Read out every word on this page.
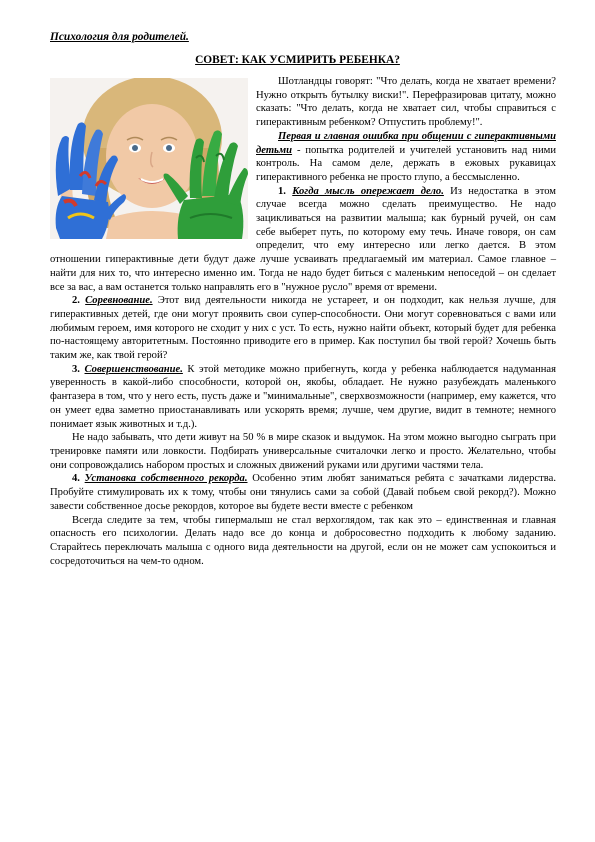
Психология для родителей.

СОВЕТ: КАК УСМИРИТЬ РЕБЕНКА?

Шотландцы говорят: "Что делать, когда не хватает времени? Нужно открыть бутылку виски!". Перефразировав цитату, можно сказать: "Что делать, когда не хватает сил, чтобы справиться с гиперактивным ребенком? Отпустить проблему!".

Первая и главная ошибка при общении с гиперактивными детьми - попытка родителей и учителей установить над ними контроль. На самом деле, держать в ежовых рукавицах гиперактивного ребенка не просто глупо, а бессмысленно.

1. Когда мысль опережает дело. Из недостатка в этом случае всегда можно сделать преимущество. Не надо зацикливаться на развитии малыша; как бурный ручей, он сам себе выберет путь, по которому ему течь. Иначе говоря, он сам определит, что ему интересно или легко дается. В этом отношении гиперактивные дети будут даже лучше усваивать предлагаемый им материал. Самое главное – найти для них то, что интересно именно им. Тогда не надо будет биться с маленьким непоседой – он сделает все за вас, а вам останется только направлять его в "нужное русло" время от времени.

2. Соревнование. Этот вид деятельности никогда не устареет, и он подходит, как нельзя лучше, для гиперактивных детей, где они могут проявить свои супер-способности. Они могут соревноваться с вами или любимым героем, имя которого не сходит у них с уст. То есть, нужно найти объект, который будет для ребенка по-настоящему авторитетным. Постоянно приводите его в пример. Как поступил бы твой герой? Хочешь быть таким же, как твой герой?

3. Совершенствование. К этой методике можно прибегнуть, когда у ребенка наблюдается надуманная уверенность в какой-либо способности, которой он, якобы, обладает. Не нужно разубеждать маленького фантазера в том, что у него есть, пусть даже и "минимальные", сверхвозможности (например, ему кажется, что он умеет едва заметно приостанавливать или ускорять время; лучше, чем другие, видит в темноте; немного понимает язык животных и т.д.).

Не надо забывать, что дети живут на 50 % в мире сказок и выдумок. На этом можно выгодно сыграть при тренировке памяти или ловкости. Подбирать универсальные считалочки легко и просто. Желательно, чтобы они сопровождались набором простых и сложных движений руками или другими частями тела.

4. Установка собственного рекорда. Особенно этим любят заниматься ребята с зачатками лидерства. Пробуйте стимулировать их к тому, чтобы они тянулись сами за собой (Давай побьем свой рекорд?). Можно завести собственное досье рекордов, которое вы будете вести вместе с ребенком

Всегда следите за тем, чтобы гипермалыш не стал верхоглядом, так как это – единственная и главная опасность его психологии. Делать надо все до конца и добросовестно подходить к любому заданию. Старайтесь переключать малыша с одного вида деятельности на другой, если он не может сам успокоиться и сосредоточиться на чем-то одном.
